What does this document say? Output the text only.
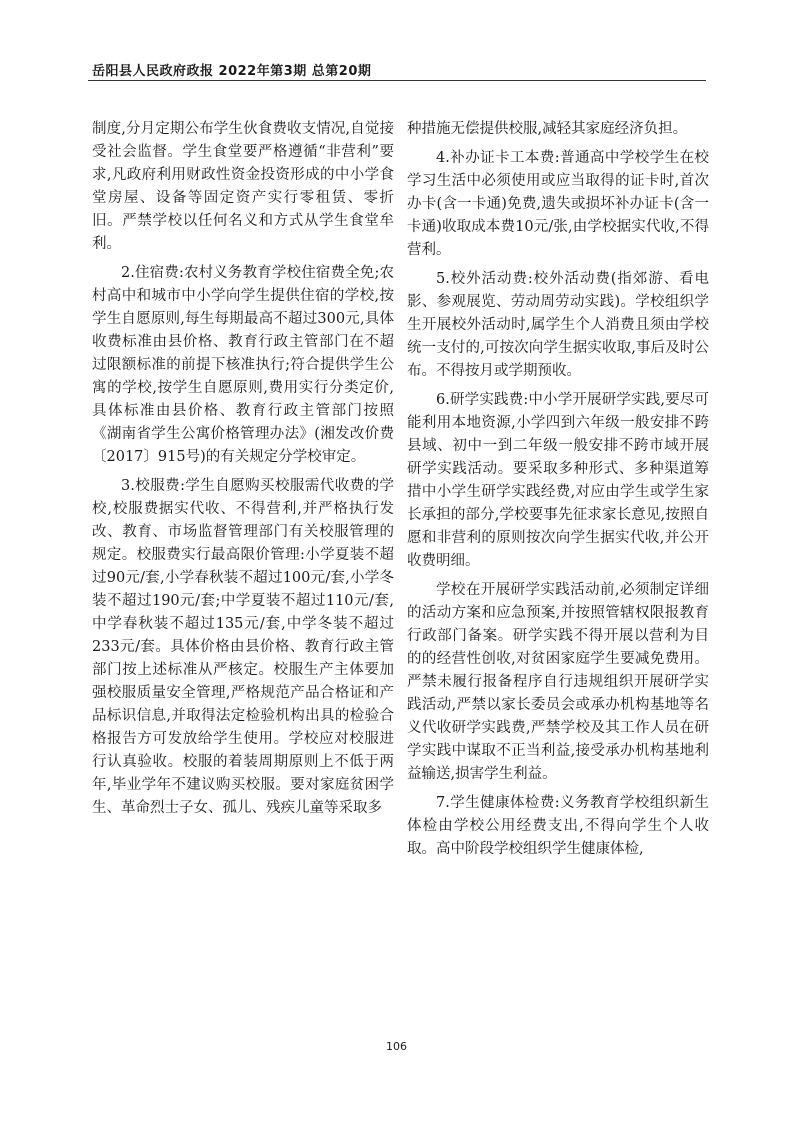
岳阳县人民政府政报 2022年第3期 总第20期

制度,分月定期公布学生伙食费收支情况,自觉接受社会监督。学生食堂要严格遵循“非营利”要求,凡政府利用财政性资金投资形成的中小学食堂房屋、设备等固定资产实行零租赁、零折旧。严禁学校以任何名义和方式从学生食堂牟利。

2.住宿费:农村义务教育学校住宿费全免;农村高中和城市中小学向学生提供住宿的学校,按学生自愿原则,每生每期最高不超过300元,具体收费标准由县价格、教育行政主管部门在不超过限额标准的前提下核准执行;符合提供学生公寓的学校,按学生自愿原则,费用实行分类定价,具体标准由县价格、教育行政主管部门按照《湖南省学生公寓价格管理办法》(湘发改价费〔2017〕915号)的有关规定分学校审定。

3.校服费:学生自愿购买校服需代收费的学校,校服费据实代收、不得营利,并严格执行发改、教育、市场监督管理部门有关校服管理的规定。校服费实行最高限价管理:小学夏装不超过90元/套,小学春秋装不超过100元/套,小学冬装不超过190元/套;中学夏装不超过110元/套,中学春秋装不超过135元/套,中学冬装不超过233元/套。具体价格由县价格、教育行政主管部门按上述标准从严核定。校服生产主体要加强校服质量安全管理,严格规范产品合格证和产品标识信息,并取得法定检验机构出具的检验合格报告方可发放给学生使用。学校应对校服进行认真验收。校服的着装周期原则上不低于两年,毕业学年不建议购买校服。要对家庭贫困学生、革命烈士子女、孤儿、残疾儿童等采取多

种措施无偿提供校服,减轻其家庭经济负担。

4.补办证卡工本费:普通高中学校学生在校学习生活中必须使用或应当取得的证卡时,首次办卡(含一卡通)免费,遗失或损坏补办证卡(含一卡通)收取成本费10元/张,由学校据实代收,不得营利。

5.校外活动费:校外活动费(指郊游、看电影、参观展览、劳动周劳动实践)。学校组织学生开展校外活动时,属学生个人消费且须由学校统一支付的,可按次向学生据实收取,事后及时公布。不得按月或学期预收。

6.研学实践费:中小学开展研学实践,要尽可能利用本地资源,小学四到六年级一般安排不跨县域、初中一到二年级一般安排不跨市域开展研学实践活动。要采取多种形式、多种渠道筹措中小学生研学实践经费,对应由学生或学生家长承担的部分,学校要事先征求家长意见,按照自愿和非营利的原则按次向学生据实代收,并公开收费明细。

学校在开展研学实践活动前,必须制定详细的活动方案和应急预案,并按照管辖权限报教育行政部门备案。研学实践不得开展以营利为目的的经营性创收,对贫困家庭学生要减免费用。严禁未履行报备程序自行违规组织开展研学实践活动,严禁以家长委员会或承办机构基地等名义代收研学实践费,严禁学校及其工作人员在研学实践中谋取不正当利益,接受承办机构基地利益输送,损害学生利益。

7.学生健康体检费:义务教育学校组织新生体检由学校公用经费支出,不得向学生个人收取。高中阶段学校组织学生健康体检,

106
